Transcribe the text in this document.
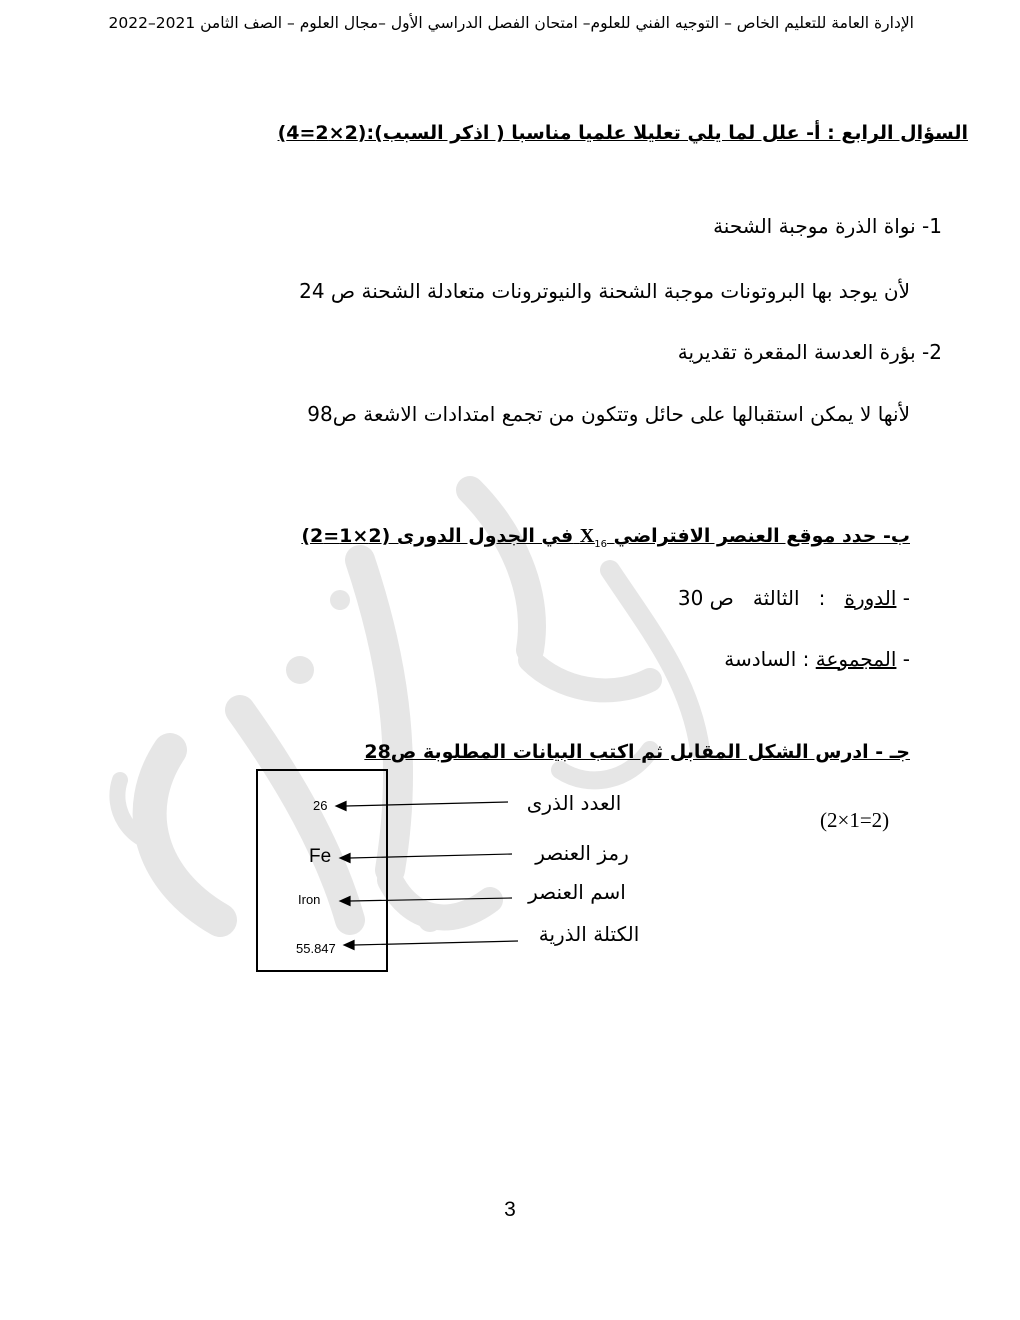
الإدارة العامة للتعليم الخاص – التوجيه الفني للعلوم– امتحان الفصل الدراسي الأول –مجال العلوم – الصف الثامن 2021–2022
السؤال الرابع : أ- علل لما يلي تعليلا علميا مناسبا ( اذكر السبب):(2×2=4)
1- نواة الذرة موجبة الشحنة
لأن يوجد بها البروتونات موجبة الشحنة والنيوترونات متعادلة الشحنة ص 24
2- بؤرة العدسة المقعرة تقديرية
لأنها لا يمكن استقبالها على حائل وتتكون من تجمع امتدادات الاشعة ص98
ب- حدد موقع العنصر الافتراضي $X_{16}$ في الجدول الدورى (2×1=2)
- الدورة   :   الثالثة   ص 30
- المجموعة : السادسة
جـ - ادرس الشكل المقابل ثم اكتب البيانات المطلوبة ص28
(2×1=2)
26
Fe
Iron
55.847
العدد الذرى
رمز العنصر
اسم العنصر
الكتلة الذرية
3
